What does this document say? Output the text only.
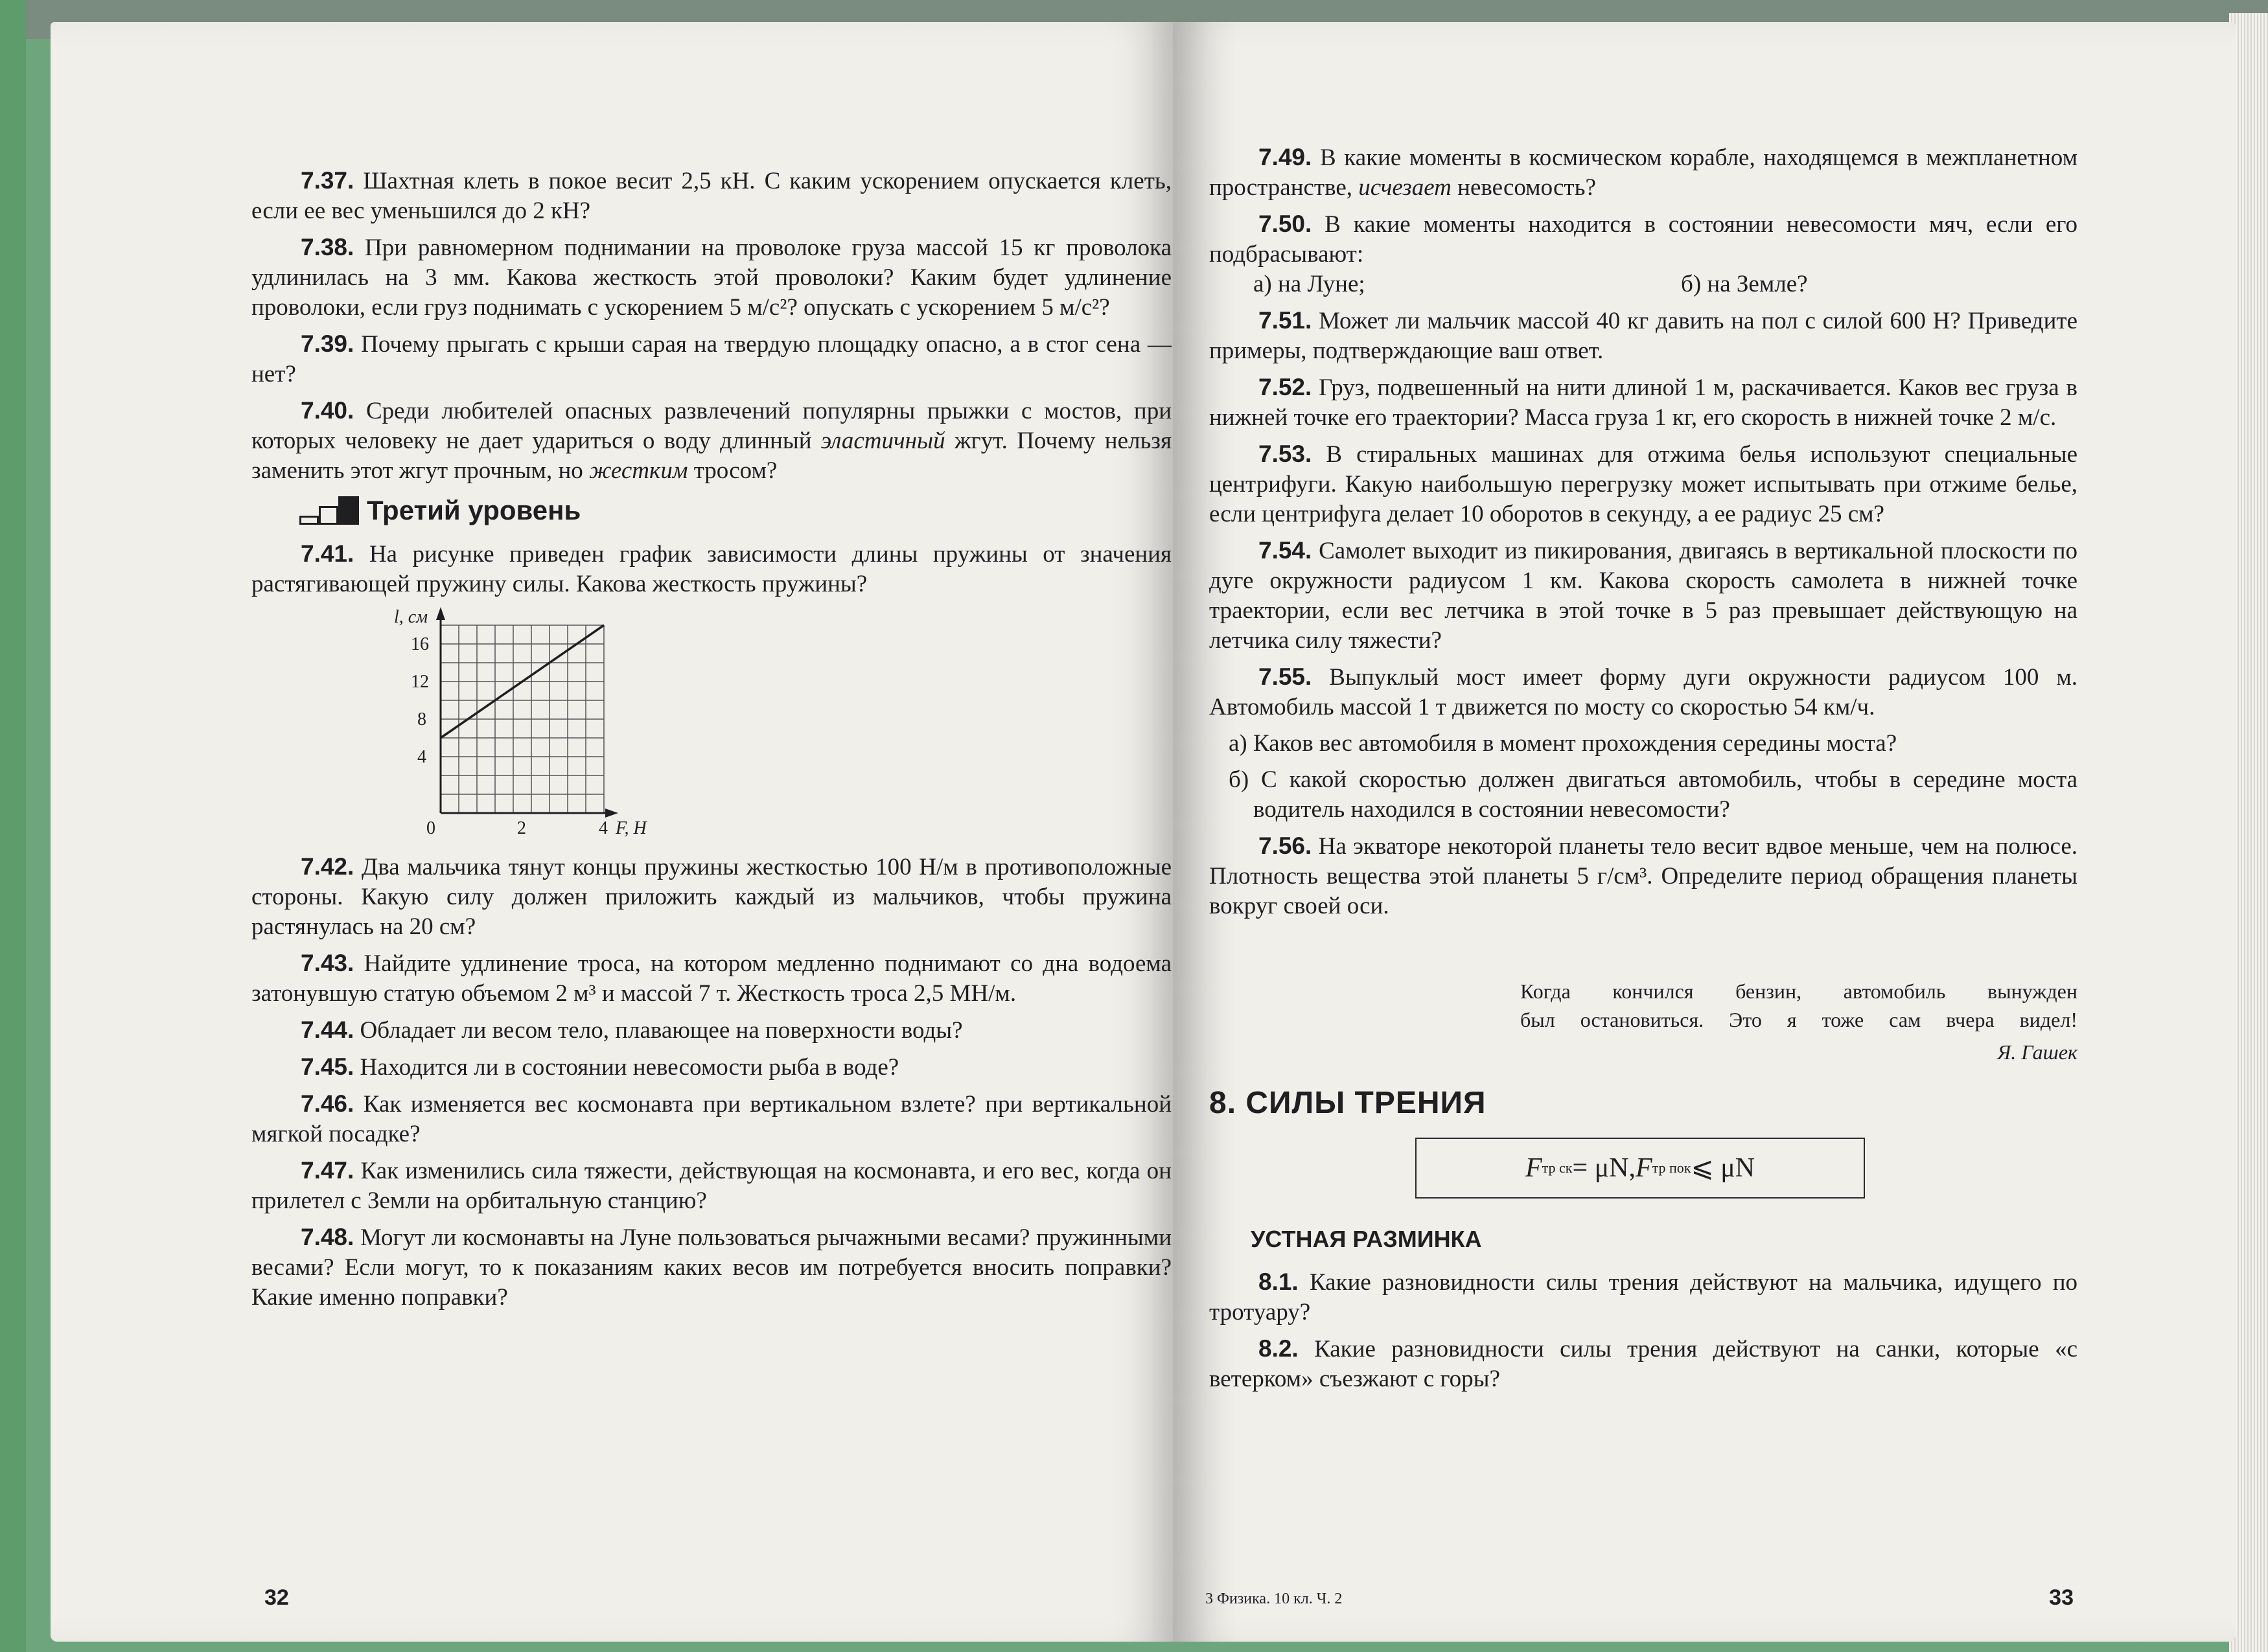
7.37. Шахтная клеть в покое весит 2,5 кН. С каким ускорением опускается клеть, если ее вес уменьшился до 2 кН?

7.38. При равномерном поднимании на проволоке груза массой 15 кг проволока удлинилась на 3 мм. Какова жесткость этой проволоки? Каким будет удлинение проволоки, если груз поднимать с ускорением 5 м/с²? опускать с ускорением 5 м/с²?

7.39. Почему прыгать с крыши сарая на твердую площадку опасно, а в стог сена — нет?

7.40. Среди любителей опасных развлечений популярны прыжки с мостов, при которых человеку не дает удариться о воду длинный эластичный жгут. Почему нельзя заменить этот жгут прочным, но жестким тросом?

Третий уровень

7.41. На рисунке приведен график зависимости длины пружины от значения растягивающей пружину силы. Какова жесткость пружины?

l, см
16
12
8
4
0	2	4 F, Н

7.42. Два мальчика тянут концы пружины жесткостью 100 Н/м в противоположные стороны. Какую силу должен приложить каждый из мальчиков, чтобы пружина растянулась на 20 см?

7.43. Найдите удлинение троса, на котором медленно поднимают со дна водоема затонувшую статую объемом 2 м³ и массой 7 т. Жесткость троса 2,5 МН/м.

7.44. Обладает ли весом тело, плавающее на поверхности воды?

7.45. Находится ли в состоянии невесомости рыба в воде?

7.46. Как изменяется вес космонавта при вертикальном взлете? при вертикальной мягкой посадке?

7.47. Как изменились сила тяжести, действующая на космонавта, и его вес, когда он прилетел с Земли на орбитальную станцию?

7.48. Могут ли космонавты на Луне пользоваться рычажными весами? пружинными весами? Если могут, то к показаниям каких весов им потребуется вносить поправки? Какие именно поправки?

32

7.49. В какие моменты в космическом корабле, находящемся в межпланетном пространстве, исчезает невесомость?

7.50. В какие моменты находится в состоянии невесомости мяч, если его подбрасывают:

а) на Луне;	б) на Земле?

7.51. Может ли мальчик массой 40 кг давить на пол с силой 600 Н? Приведите примеры, подтверждающие ваш ответ.

7.52. Груз, подвешенный на нити длиной 1 м, раскачивается. Каков вес груза в нижней точке его траектории? Масса груза 1 кг, его скорость в нижней точке 2 м/с.

7.53. В стиральных машинах для отжима белья используют специальные центрифуги. Какую наибольшую перегрузку может испытывать при отжиме белье, если центрифуга делает 10 оборотов в секунду, а ее радиус 25 см?

7.54. Самолет выходит из пикирования, двигаясь в вертикальной плоскости по дуге окружности радиусом 1 км. Какова скорость самолета в нижней точке траектории, если вес летчика в этой точке в 5 раз превышает действующую на летчика силу тяжести?

7.55. Выпуклый мост имеет форму дуги окружности радиусом 100 м. Автомобиль массой 1 т движется по мосту со скоростью 54 км/ч.

а) Каков вес автомобиля в момент прохождения середины моста?

б) С какой скоростью должен двигаться автомобиль, чтобы в середине моста водитель находился в состоянии невесомости?

7.56. На экваторе некоторой планеты тело весит вдвое меньше, чем на полюсе. Плотность вещества этой планеты 5 г/см³. Определите период обращения планеты вокруг своей оси.

Когда кончился бензин, автомобиль вынужден
был остановиться. Это я тоже сам вчера видел!
Я. Гашек
8. СИЛЫ ТРЕНИЯ
F тр ск = μN, F тр пок ⩽ μN
УСТНАЯ РАЗМИНКА

8.1. Какие разновидности силы трения действуют на мальчика, идущего по тротуару?

8.2. Какие разновидности силы трения действуют на санки, которые «с ветерком» съезжают с горы?

3 Физика. 10 кл. Ч. 2	33
